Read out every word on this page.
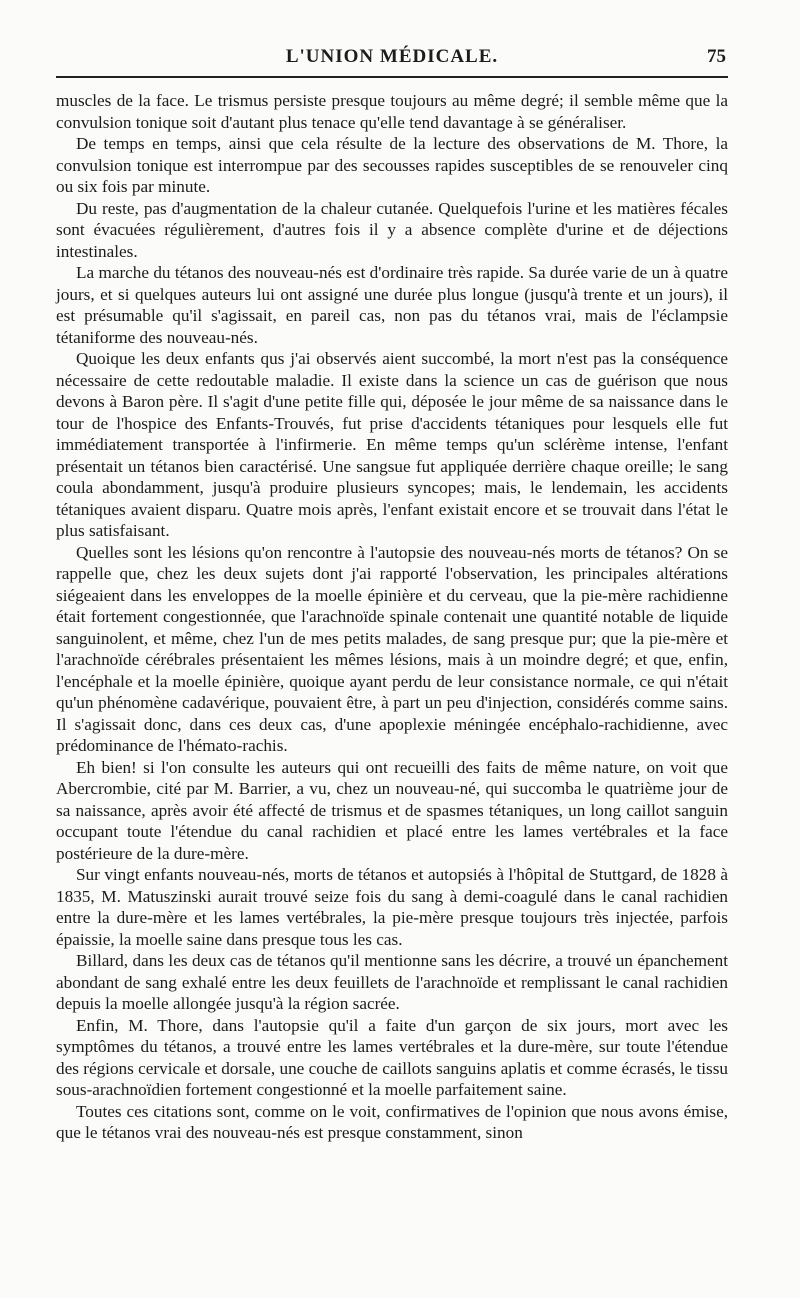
L'UNION MÉDICALE.	75

muscles de la face. Le trismus persiste presque toujours au même degré; il semble même que la convulsion tonique soit d'autant plus tenace qu'elle tend davantage à se généraliser.

De temps en temps, ainsi que cela résulte de la lecture des observations de M. Thore, la convulsion tonique est interrompue par des secousses rapides susceptibles de se renouveler cinq ou six fois par minute.

Du reste, pas d'augmentation de la chaleur cutanée. Quelquefois l'urine et les matières fécales sont évacuées régulièrement, d'autres fois il y a absence complète d'urine et de déjections intestinales.

La marche du tétanos des nouveau-nés est d'ordinaire très rapide. Sa durée varie de un à quatre jours, et si quelques auteurs lui ont assigné une durée plus longue (jusqu'à trente et un jours), il est présumable qu'il s'agissait, en pareil cas, non pas du tétanos vrai, mais de l'éclampsie tétaniforme des nouveau-nés.

Quoique les deux enfants qus j'ai observés aient succombé, la mort n'est pas la conséquence nécessaire de cette redoutable maladie. Il existe dans la science un cas de guérison que nous devons à Baron père. Il s'agit d'une petite fille qui, déposée le jour même de sa naissance dans le tour de l'hospice des Enfants-Trouvés, fut prise d'accidents tétaniques pour lesquels elle fut immédiatement transportée à l'infirmerie. En même temps qu'un sclérème intense, l'enfant présentait un tétanos bien caractérisé. Une sangsue fut appliquée derrière chaque oreille; le sang coula abondamment, jusqu'à produire plusieurs syncopes; mais, le lendemain, les accidents tétaniques avaient disparu. Quatre mois après, l'enfant existait encore et se trouvait dans l'état le plus satisfaisant.

Quelles sont les lésions qu'on rencontre à l'autopsie des nouveau-nés morts de tétanos? On se rappelle que, chez les deux sujets dont j'ai rapporté l'observation, les principales altérations siégeaient dans les enveloppes de la moelle épinière et du cerveau, que la pie-mère rachidienne était fortement congestionnée, que l'arachnoïde spinale contenait une quantité notable de liquide sanguinolent, et même, chez l'un de mes petits malades, de sang presque pur; que la pie-mère et l'arachnoïde cérébrales présentaient les mêmes lésions, mais à un moindre degré; et que, enfin, l'encéphale et la moelle épinière, quoique ayant perdu de leur consistance normale, ce qui n'était qu'un phénomène cadavérique, pouvaient être, à part un peu d'injection, considérés comme sains. Il s'agissait donc, dans ces deux cas, d'une apoplexie méningée encéphalo-rachidienne, avec prédominance de l'hémato-rachis.

Eh bien! si l'on consulte les auteurs qui ont recueilli des faits de même nature, on voit que Abercrombie, cité par M. Barrier, a vu, chez un nouveau-né, qui succomba le quatrième jour de sa naissance, après avoir été affecté de trismus et de spasmes tétaniques, un long caillot sanguin occupant toute l'étendue du canal rachidien et placé entre les lames vertébrales et la face postérieure de la dure-mère.

Sur vingt enfants nouveau-nés, morts de tétanos et autopsiés à l'hôpital de Stuttgard, de 1828 à 1835, M. Matuszinski aurait trouvé seize fois du sang à demi-coagulé dans le canal rachidien entre la dure-mère et les lames vertébrales, la pie-mère presque toujours très injectée, parfois épaissie, la moelle saine dans presque tous les cas.

Billard, dans les deux cas de tétanos qu'il mentionne sans les décrire, a trouvé un épanchement abondant de sang exhalé entre les deux feuillets de l'arachnoïde et remplissant le canal rachidien depuis la moelle allongée jusqu'à la région sacrée.

Enfin, M. Thore, dans l'autopsie qu'il a faite d'un garçon de six jours, mort avec les symptômes du tétanos, a trouvé entre les lames vertébrales et la dure-mère, sur toute l'étendue des régions cervicale et dorsale, une couche de caillots sanguins aplatis et comme écrasés, le tissu sous-arachnoïdien fortement congestionné et la moelle parfaitement saine.

Toutes ces citations sont, comme on le voit, confirmatives de l'opinion que nous avons émise, que le tétanos vrai des nouveau-nés est presque constamment, sinon
